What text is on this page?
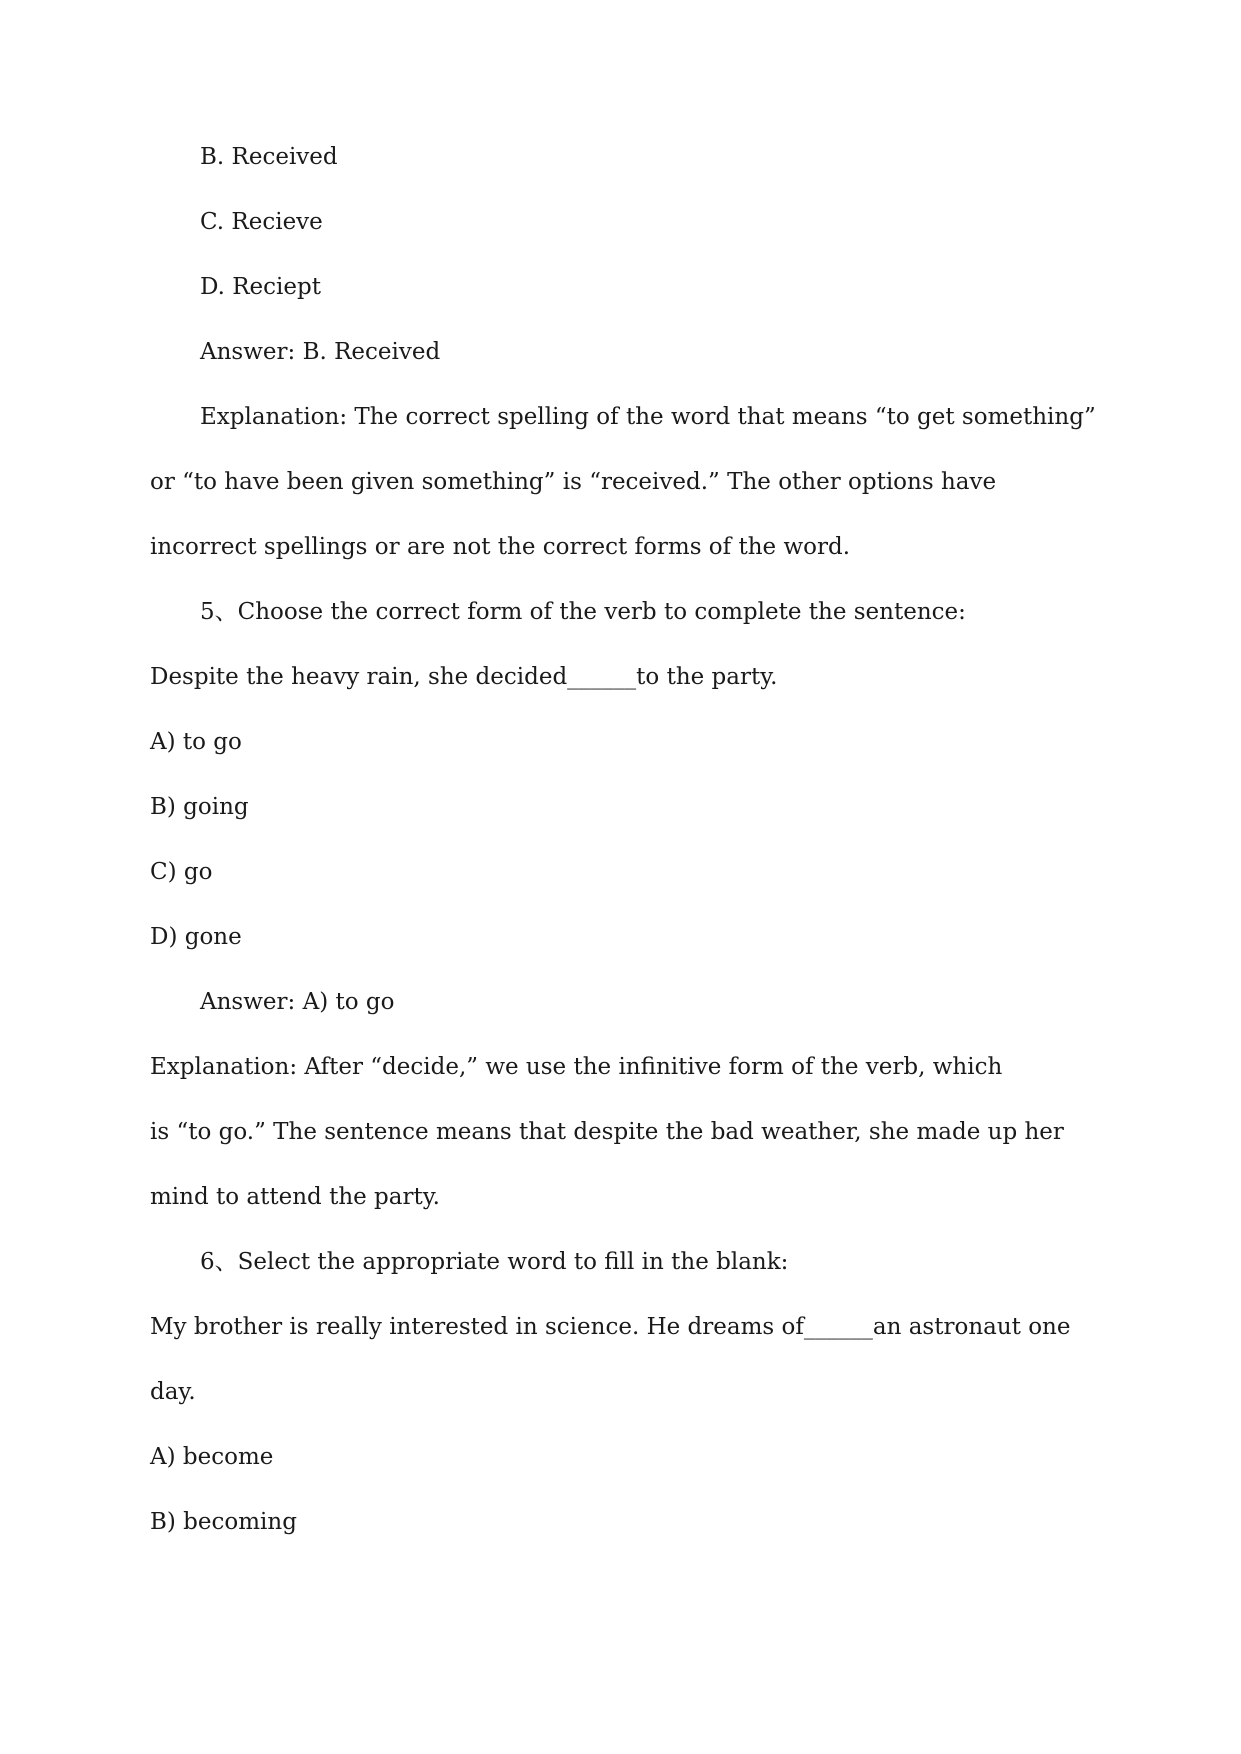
B. Received
C. Recieve
D. Reciept
Answer: B. Received
Explanation: The correct spelling of the word that means “to get something”
or “to have been given something” is “received.” The other options have
incorrect spellings or are not the correct forms of the word.
5、Choose the correct form of the verb to complete the sentence:
Despite the heavy rain, she decided______to the party.
A) to go
B) going
C) go
D) gone
Answer: A) to go
Explanation: After “decide,” we use the infinitive form of the verb, which
is “to go.” The sentence means that despite the bad weather, she made up her
mind to attend the party.
6、Select the appropriate word to fill in the blank:
My brother is really interested in science. He dreams of______an astronaut one
day.
A) become
B) becoming
